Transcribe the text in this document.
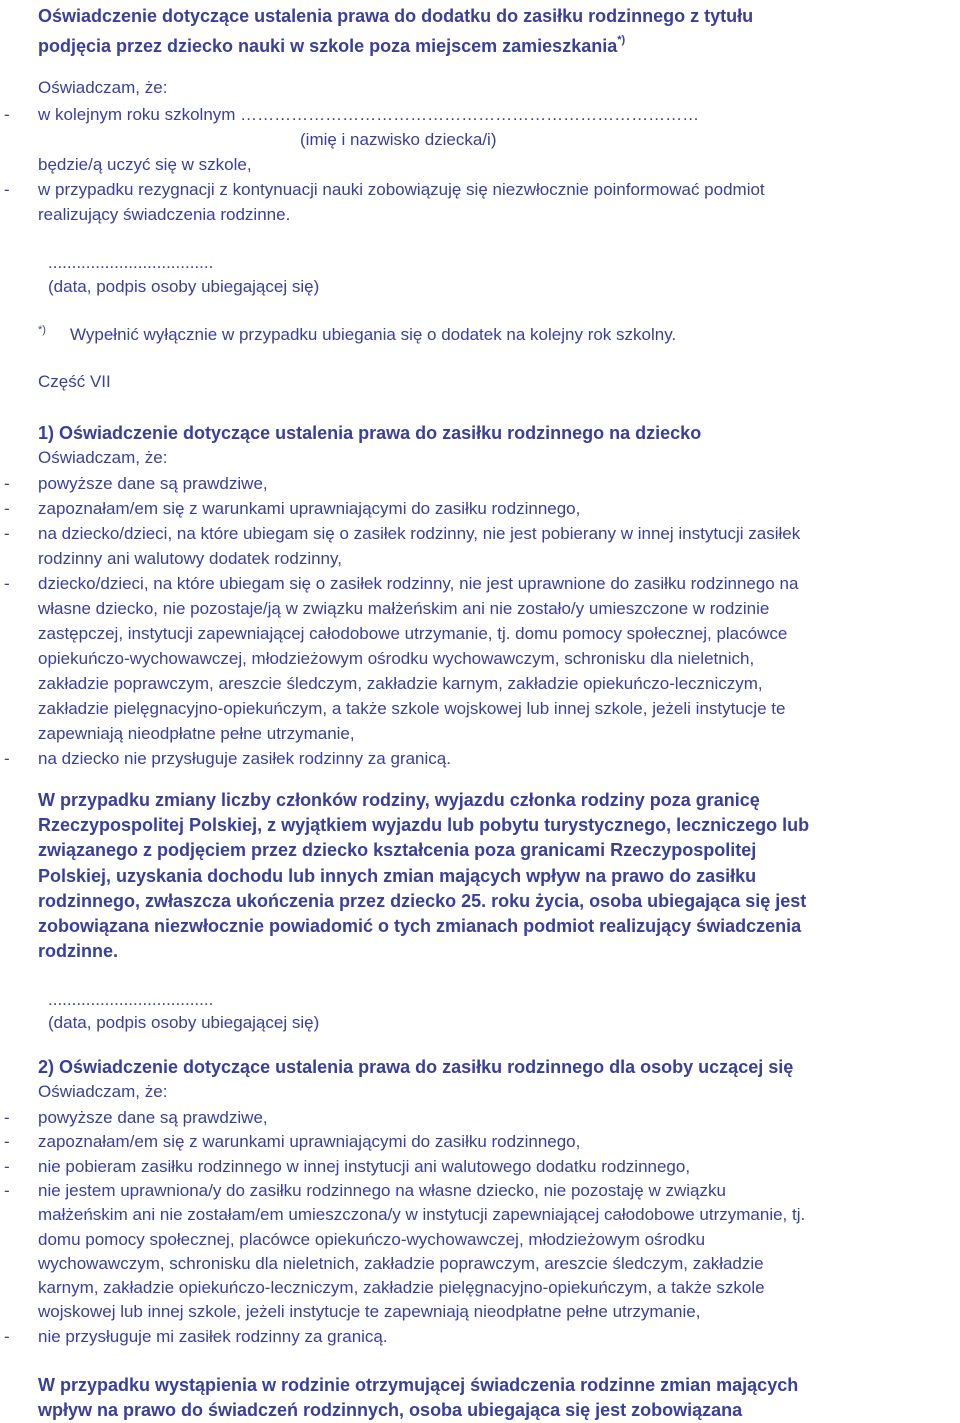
Oświadczenie dotyczące ustalenia prawa do dodatku do zasiłku rodzinnego z tytułu
podjęcia przez dziecko nauki w szkole poza miejscem zamieszkania*)
Oświadczam, że:
- w kolejnym roku szkolnym ………………………………………………………………………
(imię i nazwisko dziecka/i)
będzie/ą uczyć się w szkole,
- w przypadku rezygnacji z kontynuacji nauki zobowiązuję się niezwłocznie poinformować podmiot
realizujący świadczenia rodzinne.
...................................
(data, podpis osoby ubiegającej się)
*) Wypełnić wyłącznie w przypadku ubiegania się o dodatek na kolejny rok szkolny.
Część VII
1) Oświadczenie dotyczące ustalenia prawa do zasiłku rodzinnego na dziecko
Oświadczam, że:
- powyższe dane są prawdziwe,
- zapoznałam/em się z warunkami uprawniającymi do zasiłku rodzinnego,
- na dziecko/dzieci, na które ubiegam się o zasiłek rodzinny, nie jest pobierany w innej instytucji zasiłek
rodzinny ani walutowy dodatek rodzinny,
- dziecko/dzieci, na które ubiegam się o zasiłek rodzinny, nie jest uprawnione do zasiłku rodzinnego na
własne dziecko, nie pozostaje/ją w związku małżeńskim ani nie zostało/y umieszczone w rodzinie
zastępczej, instytucji zapewniającej całodobowe utrzymanie, tj. domu pomocy społecznej, placówce
opiekuńczo-wychowawczej, młodzieżowym ośrodku wychowawczym, schronisku dla nieletnich,
zakładzie poprawczym, areszcie śledczym, zakładzie karnym, zakładzie opiekuńczo-leczniczym,
zakładzie pielęgnacyjno-opiekuńczym, a także szkole wojskowej lub innej szkole, jeżeli instytucje te
zapewniają nieodpłatne pełne utrzymanie,
- na dziecko nie przysługuje zasiłek rodzinny za granicą.
W przypadku zmiany liczby członków rodziny, wyjazdu członka rodziny poza granicę
Rzeczypospolitej Polskiej, z wyjątkiem wyjazdu lub pobytu turystycznego, leczniczego lub
związanego z podjęciem przez dziecko kształcenia poza granicami Rzeczypospolitej
Polskiej, uzyskania dochodu lub innych zmian mających wpływ na prawo do zasiłku
rodzinnego, zwłaszcza ukończenia przez dziecko 25. roku życia, osoba ubiegająca się jest
zobowiązana niezwłocznie powiadomić o tych zmianach podmiot realizujący świadczenia
rodzinne.
...................................
(data, podpis osoby ubiegającej się)
2) Oświadczenie dotyczące ustalenia prawa do zasiłku rodzinnego dla osoby uczącej się
Oświadczam, że:
- powyższe dane są prawdziwe,
- zapoznałam/em się z warunkami uprawniającymi do zasiłku rodzinnego,
- nie pobieram zasiłku rodzinnego w innej instytucji ani walutowego dodatku rodzinnego,
- nie jestem uprawniona/y do zasiłku rodzinnego na własne dziecko, nie pozostaję w związku
małżeńskim ani nie zostałam/em umieszczona/y w instytucji zapewniającej całodobowe utrzymanie, tj.
domu pomocy społecznej, placówce opiekuńczo-wychowawczej, młodzieżowym ośrodku
wychowawczym, schronisku dla nieletnich, zakładzie poprawczym, areszcie śledczym, zakładzie
karnym, zakładzie opiekuńczo-leczniczym, zakładzie pielęgnacyjno-opiekuńczym, a także szkole
wojskowej lub innej szkole, jeżeli instytucje te zapewniają nieodpłatne pełne utrzymanie,
- nie przysługuje mi zasiłek rodzinny za granicą.
W przypadku wystąpienia w rodzinie otrzymującej świadczenia rodzinne zmian mających
wpływ na prawo do świadczeń rodzinnych, osoba ubiegająca się jest zobowiązana
